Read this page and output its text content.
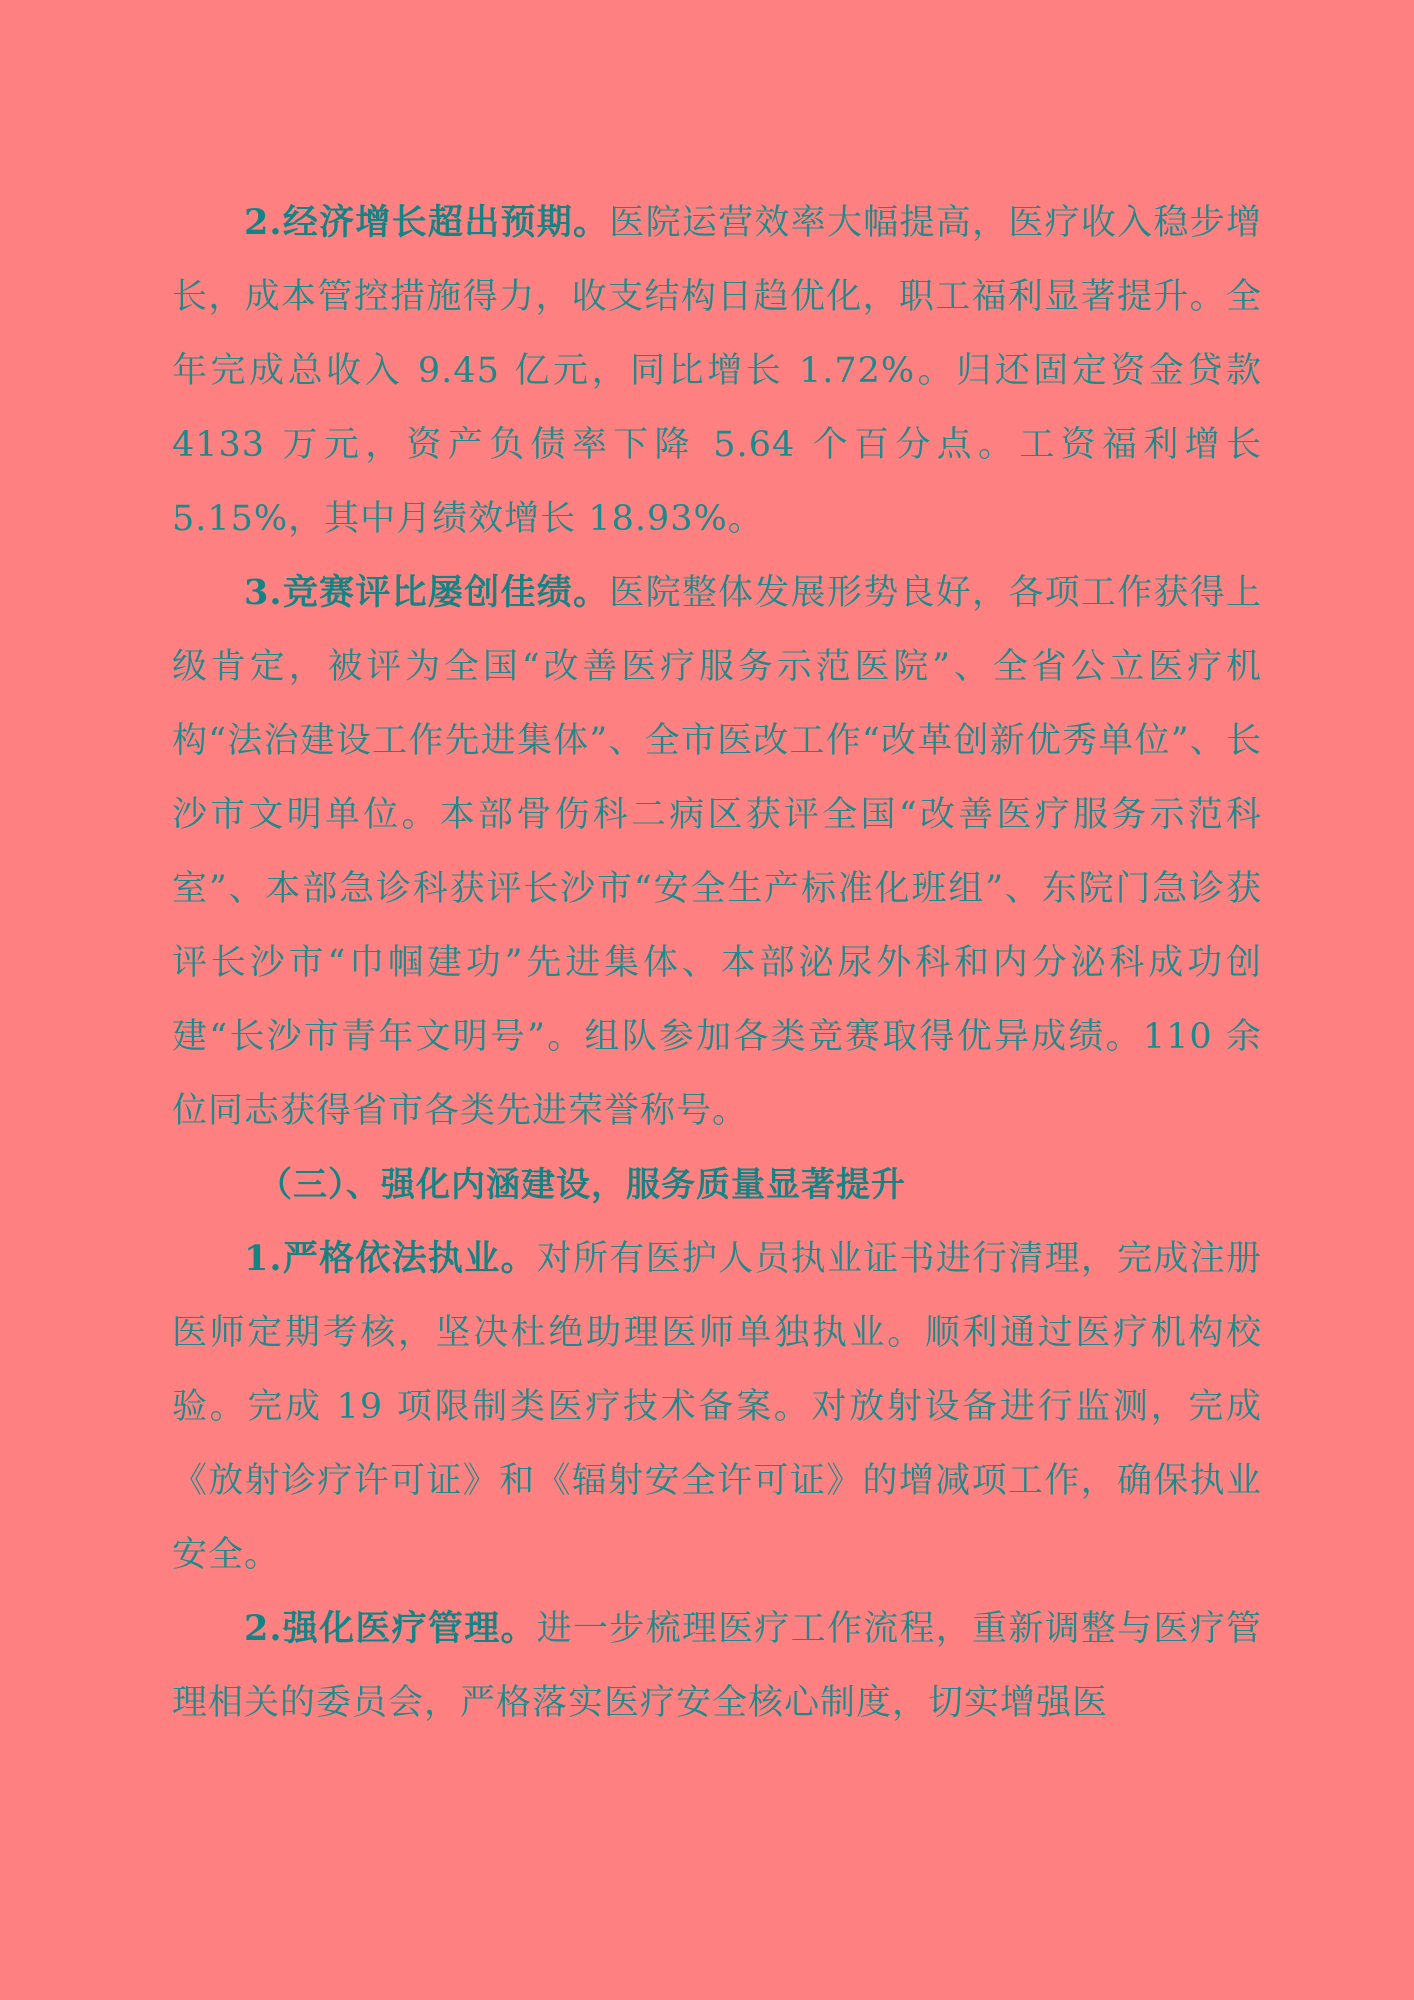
2.经济增长超出预期。医院运营效率大幅提高，医疗收入稳步增长，成本管控措施得力，收支结构日趋优化，职工福利显著提升。全年完成总收入 9.45 亿元，同比增长 1.72%。归还固定资金贷款 4133 万元，资产负债率下降 5.64 个百分点。工资福利增长 5.15%，其中月绩效增长 18.93%。

3.竞赛评比屡创佳绩。医院整体发展形势良好，各项工作获得上级肯定，被评为全国“改善医疗服务示范医院”、全省公立医疗机构“法治建设工作先进集体”、全市医改工作“改革创新优秀单位”、长沙市文明单位。本部骨伤科二病区获评全国“改善医疗服务示范科室”、本部急诊科获评长沙市“安全生产标准化班组”、东院门急诊获评长沙市“巾帼建功”先进集体、本部泌尿外科和内分泌科成功创建“长沙市青年文明号”。组队参加各类竞赛取得优异成绩。110 余位同志获得省市各类先进荣誉称号。

（三）、强化内涵建设，服务质量显著提升

1.严格依法执业。对所有医护人员执业证书进行清理，完成注册医师定期考核，坚决杜绝助理医师单独执业。顺利通过医疗机构校验。完成 19 项限制类医疗技术备案。对放射设备进行监测，完成《放射诊疗许可证》和《辐射安全许可证》的增减项工作，确保执业安全。

2.强化医疗管理。进一步梳理医疗工作流程，重新调整与医疗管理相关的委员会，严格落实医疗安全核心制度，切实增强医
